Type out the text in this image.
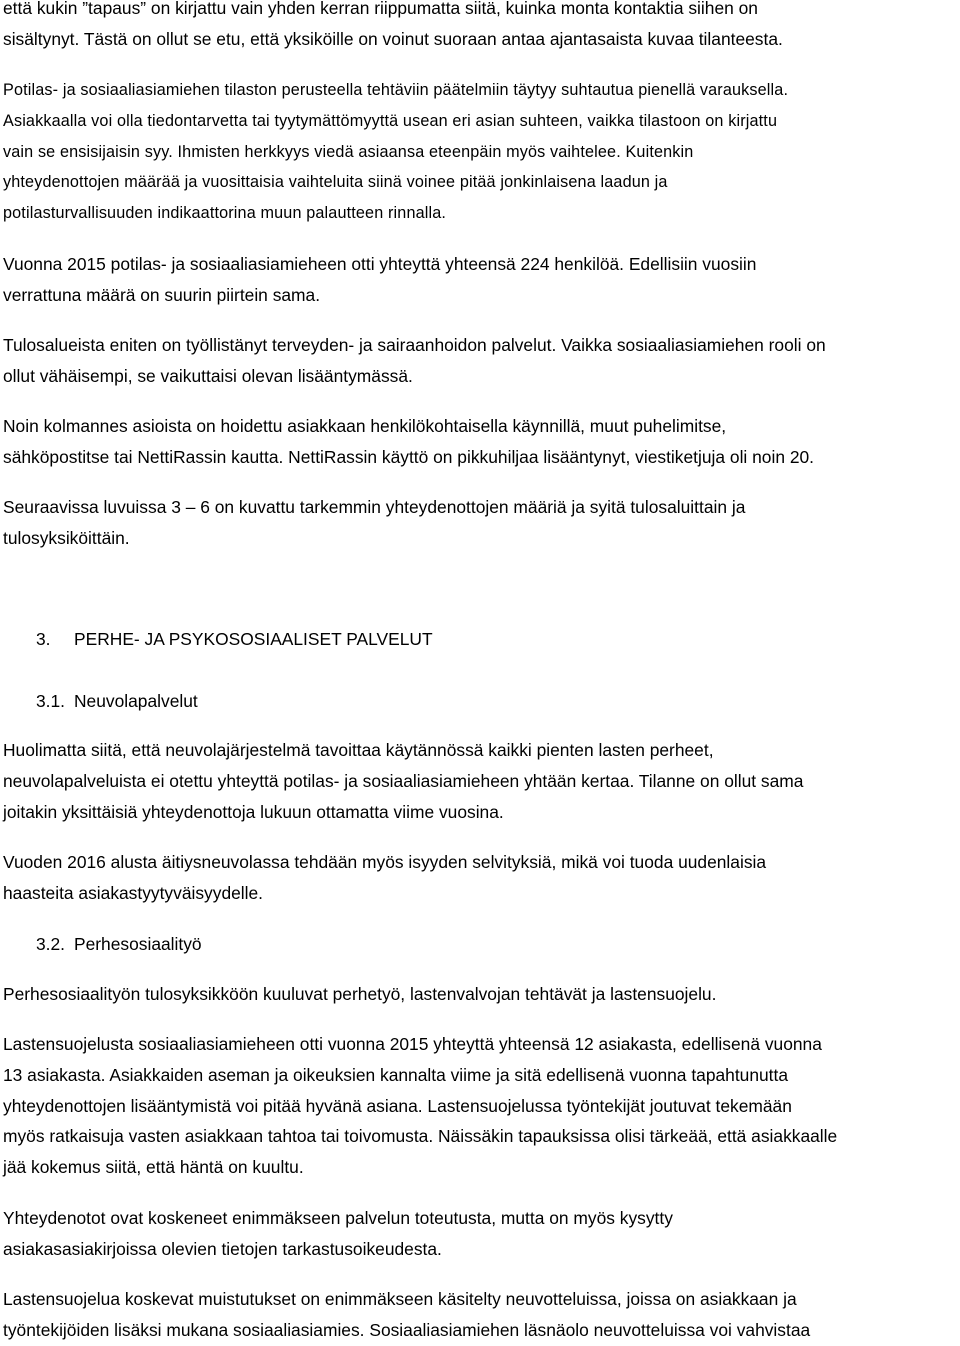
että kukin ”tapaus” on kirjattu vain yhden kerran riippumatta siitä, kuinka monta kontaktia siihen on
sisältynyt. Tästä on ollut se etu, että yksiköille on voinut suoraan antaa ajantasaista kuvaa tilanteesta.
Potilas- ja sosiaaliasiamiehen tilaston perusteella tehtäviin päätelmiin täytyy suhtautua pienellä varauksella.
Asiakkaalla voi olla tiedontarvetta tai tyytymättömyyttä usean eri asian suhteen, vaikka tilastoon on kirjattu
vain se ensisijaisin syy. Ihmisten herkkyys viedä asiaansa eteenpäin myös vaihtelee. Kuitenkin
yhteydenottojen määrää ja vuosittaisia vaihteluita siinä voinee pitää jonkinlaisena laadun ja
potilasturvallisuuden indikaattorina muun palautteen rinnalla.
Vuonna 2015 potilas- ja sosiaaliasiamieheen otti yhteyttä yhteensä 224 henkilöä. Edellisiin vuosiin
verrattuna määrä on suurin piirtein sama.
Tulosalueista eniten on työllistänyt terveyden- ja sairaanhoidon palvelut. Vaikka sosiaaliasiamiehen rooli on
ollut vähäisempi, se vaikuttaisi olevan lisääntymässä.
Noin kolmannes asioista on hoidettu asiakkaan henkilökohtaisella käynnillä, muut puhelimitse,
sähköpostitse tai NettiRassin kautta. NettiRassin käyttö on pikkuhiljaa lisääntynyt, viestiketjuja oli noin 20.
Seuraavissa luvuissa 3 – 6 on kuvattu tarkemmin yhteydenottojen määriä ja syitä tulosaluittain ja
tulosyksiköittäin.
3. PERHE- JA PSYKOSOSIAALISET PALVELUT
3.1. Neuvolapalvelut
Huolimatta siitä, että neuvolajärjestelmä tavoittaa käytännössä kaikki pienten lasten perheet,
neuvolapalveluista ei otettu yhteyttä potilas- ja sosiaaliasiamieheen yhtään kertaa. Tilanne on ollut sama
joitakin yksittäisiä yhteydenottoja lukuun ottamatta viime vuosina.
Vuoden 2016 alusta äitiysneuvolassa tehdään myös isyyden selvityksiä, mikä voi tuoda uudenlaisia
haasteita asiakastyytyväisyydelle.
3.2. Perhesosiaalityö
Perhesosiaalityön tulosyksikköön kuuluvat perhetyö, lastenvalvojan tehtävät ja lastensuojelu.
Lastensuojelusta sosiaaliasiamieheen otti vuonna 2015 yhteyttä yhteensä 12 asiakasta, edellisenä vuonna
13 asiakasta. Asiakkaiden aseman ja oikeuksien kannalta viime ja sitä edellisenä vuonna tapahtunutta
yhteydenottojen lisääntymistä voi pitää hyvänä asiana. Lastensuojelussa työntekijät joutuvat tekemään
myös ratkaisuja vasten asiakkaan tahtoa tai toivomusta. Näissäkin tapauksissa olisi tärkeää, että asiakkaalle
jää kokemus siitä, että häntä on kuultu.
Yhteydenotot ovat koskeneet enimmäkseen palvelun toteutusta, mutta on myös kysytty
asiakasasiakirjoissa olevien tietojen tarkastusoikeudesta.
Lastensuojelua koskevat muistutukset on enimmäkseen käsitelty neuvotteluissa, joissa on asiakkaan ja
työntekijöiden lisäksi mukana sosiaaliasiamies. Sosiaaliasiamiehen läsnäolo neuvotteluissa voi vahvistaa
